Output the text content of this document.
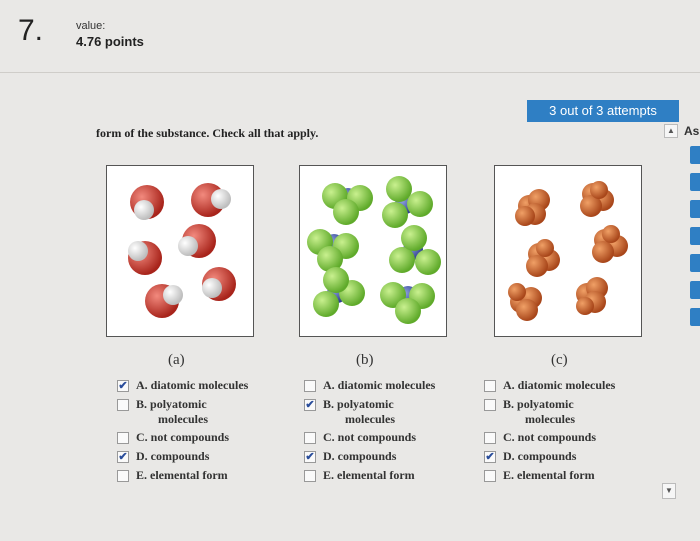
7.	value:
4.76 points
3 out of 3 attempts
form of the substance. Check all that apply.	▲
▼
As
(a)	(b)	(c)
✔ A. diatomic molecules
B. polyatomic
molecules
C. not compounds
✔ D. compounds
E. elemental form
A. diatomic molecules
✔ B. polyatomic
molecules
C. not compounds
✔ D. compounds
E. elemental form
A. diatomic molecules
B. polyatomic
molecules
C. not compounds
✔ D. compounds
E. elemental form
